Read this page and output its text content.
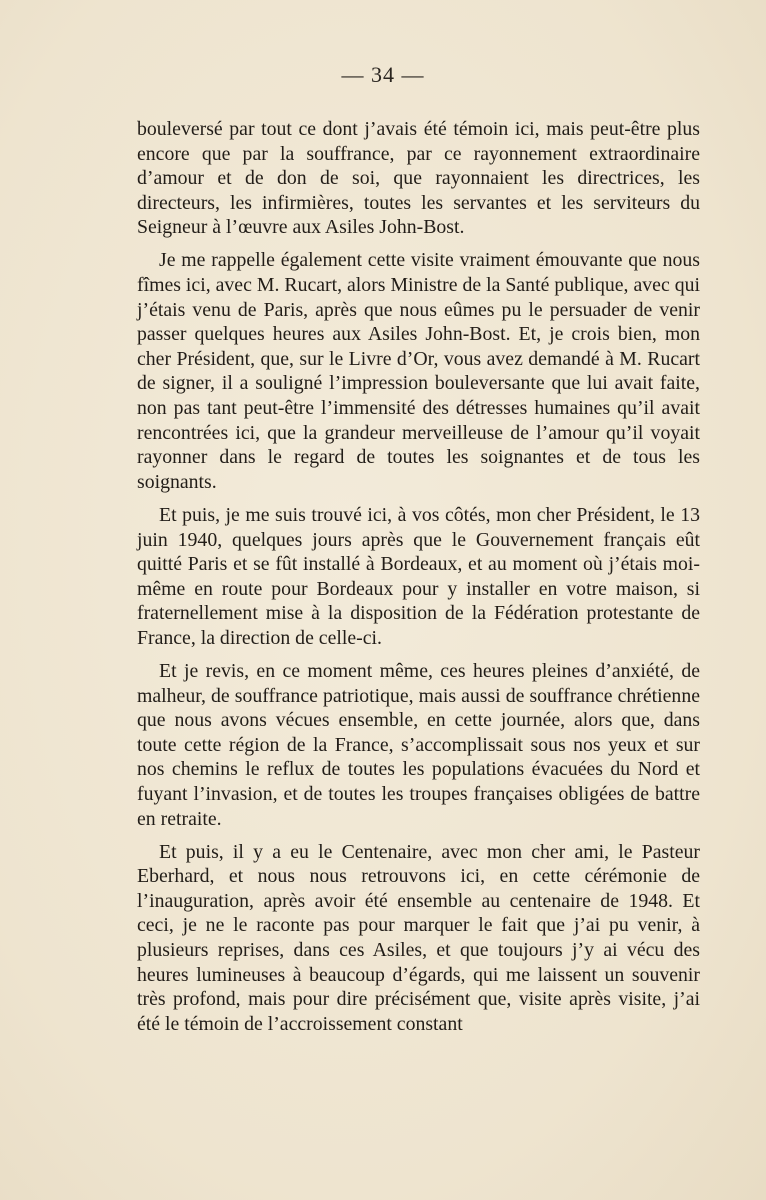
— 34 —

bouleversé par tout ce dont j’avais été témoin ici, mais peut-être plus encore que par la souffrance, par ce rayonnement extraordinaire d’amour et de don de soi, que rayonnaient les directrices, les directeurs, les infirmières, toutes les servantes et les serviteurs du Seigneur à l’œuvre aux Asiles John-Bost.

Je me rappelle également cette visite vraiment émouvante que nous fîmes ici, avec M. Rucart, alors Ministre de la Santé publique, avec qui j’étais venu de Paris, après que nous eûmes pu le persuader de venir passer quelques heures aux Asiles John-Bost. Et, je crois bien, mon cher Président, que, sur le Livre d’Or, vous avez demandé à M. Rucart de signer, il a souligné l’impression bouleversante que lui avait faite, non pas tant peut-être l’immensité des détresses humaines qu’il avait rencontrées ici, que la grandeur merveilleuse de l’amour qu’il voyait rayonner dans le regard de toutes les soignantes et de tous les soignants.

Et puis, je me suis trouvé ici, à vos côtés, mon cher Président, le 13 juin 1940, quelques jours après que le Gouvernement français eût quitté Paris et se fût installé à Bordeaux, et au moment où j’étais moi-même en route pour Bordeaux pour y installer en votre maison, si fraternellement mise à la disposition de la Fédération protestante de France, la direction de celle-ci.

Et je revis, en ce moment même, ces heures pleines d’anxiété, de malheur, de souffrance patriotique, mais aussi de souffrance chrétienne que nous avons vécues ensemble, en cette journée, alors que, dans toute cette région de la France, s’accomplissait sous nos yeux et sur nos chemins le reflux de toutes les populations évacuées du Nord et fuyant l’invasion, et de toutes les troupes françaises obligées de battre en retraite.

Et puis, il y a eu le Centenaire, avec mon cher ami, le Pasteur Eberhard, et nous nous retrouvons ici, en cette cérémonie de l’inauguration, après avoir été ensemble au centenaire de 1948. Et ceci, je ne le raconte pas pour marquer le fait que j’ai pu venir, à plusieurs reprises, dans ces Asiles, et que toujours j’y ai vécu des heures lumineuses à beaucoup d’égards, qui me laissent un souvenir très profond, mais pour dire précisément que, visite après visite, j’ai été le témoin de l’accroissement constant
